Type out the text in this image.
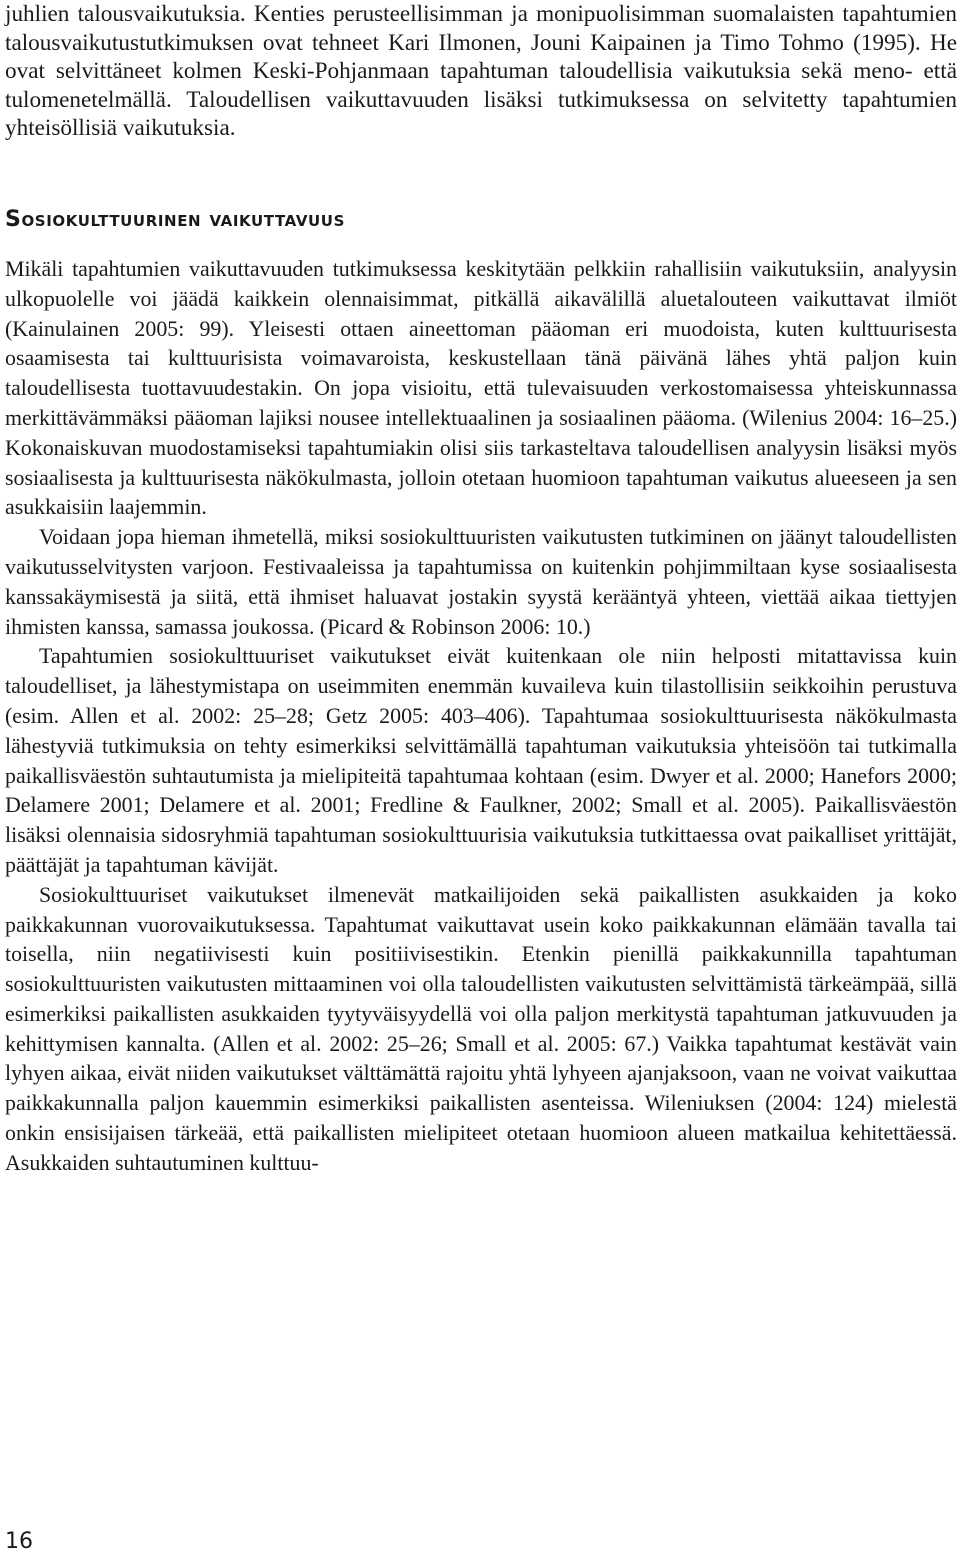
juhlien talousvaikutuksia. Kenties perusteellisimman ja monipuolisimman suomalaisten tapahtumien talousvaikutustutkimuksen ovat tehneet Kari Ilmonen, Jouni Kaipainen ja Timo Tohmo (1995). He ovat selvittäneet kolmen Keski-Pohjanmaan tapahtuman taloudellisia vaikutuksia sekä meno- että tulomenetelmällä. Taloudellisen vaikuttavuuden lisäksi tutkimuksessa on selvitetty tapahtumien yhteisöllisiä vaikutuksia.

Sosiokulttuurinen vaikuttavuus

Mikäli tapahtumien vaikuttavuuden tutkimuksessa keskitytään pelkkiin rahallisiin vaikutuksiin, analyysin ulkopuolelle voi jäädä kaikkein olennaisimmat, pitkällä aikavälillä aluetalouteen vaikuttavat ilmiöt (Kainulainen 2005: 99). Yleisesti ottaen aineettoman pääoman eri muodoista, kuten kulttuurisesta osaamisesta tai kulttuurisista voimavaroista, keskustellaan tänä päivänä lähes yhtä paljon kuin taloudellisesta tuottavuudestakin. On jopa visioitu, että tulevaisuuden verkostomaisessa yhteiskunnassa merkittävämmäksi pääoman lajiksi nousee intellektuaalinen ja sosiaalinen pääoma. (Wilenius 2004: 16–25.) Kokonaiskuvan muodostamiseksi tapahtumiakin olisi siis tarkasteltava taloudellisen analyysin lisäksi myös sosiaalisesta ja kulttuurisesta näkökulmasta, jolloin otetaan huomioon tapahtuman vaikutus alueeseen ja sen asukkaisiin laajemmin.

Voidaan jopa hieman ihmetellä, miksi sosiokulttuuristen vaikutusten tutkiminen on jäänyt taloudellisten vaikutusselvitysten varjoon. Festivaaleissa ja tapahtumissa on kuitenkin pohjimmiltaan kyse sosiaalisesta kanssakäymisestä ja siitä, että ihmiset haluavat jostakin syystä kerääntyä yhteen, viettää aikaa tiettyjen ihmisten kanssa, samassa joukossa. (Picard & Robinson 2006: 10.)

Tapahtumien sosiokulttuuriset vaikutukset eivät kuitenkaan ole niin helposti mitattavissa kuin taloudelliset, ja lähestymistapa on useimmiten enemmän kuvaileva kuin tilastollisiin seikkoihin perustuva (esim. Allen et al. 2002: 25–28; Getz 2005: 403–406). Tapahtumaa sosiokulttuurisesta näkökulmasta lähestyviä tutkimuksia on tehty esimerkiksi selvittämällä tapahtuman vaikutuksia yhteisöön tai tutkimalla paikallisväestön suhtautumista ja mielipiteitä tapahtumaa kohtaan (esim. Dwyer et al. 2000; Hanefors 2000; Delamere 2001; Delamere et al. 2001; Fredline & Faulkner, 2002; Small et al. 2005). Paikallisväestön lisäksi olennaisia sidosryhmiä tapahtuman sosiokulttuurisia vaikutuksia tutkittaessa ovat paikalliset yrittäjät, päättäjät ja tapahtuman kävijät.

Sosiokulttuuriset vaikutukset ilmenevät matkailijoiden sekä paikallisten asukkaiden ja koko paikkakunnan vuorovaikutuksessa. Tapahtumat vaikuttavat usein koko paikkakunnan elämään tavalla tai toisella, niin negatiivisesti kuin positiivisestikin. Etenkin pienillä paikkakunnilla tapahtuman sosiokulttuuristen vaikutusten mittaaminen voi olla taloudellisten vaikutusten selvittämistä tärkeämpää, sillä esimerkiksi paikallisten asukkaiden tyytyväisyydellä voi olla paljon merkitystä tapahtuman jatkuvuuden ja kehittymisen kannalta. (Allen et al. 2002: 25–26; Small et al. 2005: 67.) Vaikka tapahtumat kestävät vain lyhyen aikaa, eivät niiden vaikutukset välttämättä rajoitu yhtä lyhyeen ajanjaksoon, vaan ne voivat vaikuttaa paikkakunnalla paljon kauemmin esimerkiksi paikallisten asenteissa. Wileniuksen (2004: 124) mielestä onkin ensisijaisen tärkeää, että paikallisten mielipiteet otetaan huomioon alueen matkailua kehitettäessä. Asukkaiden suhtautuminen kulttuu-

16
